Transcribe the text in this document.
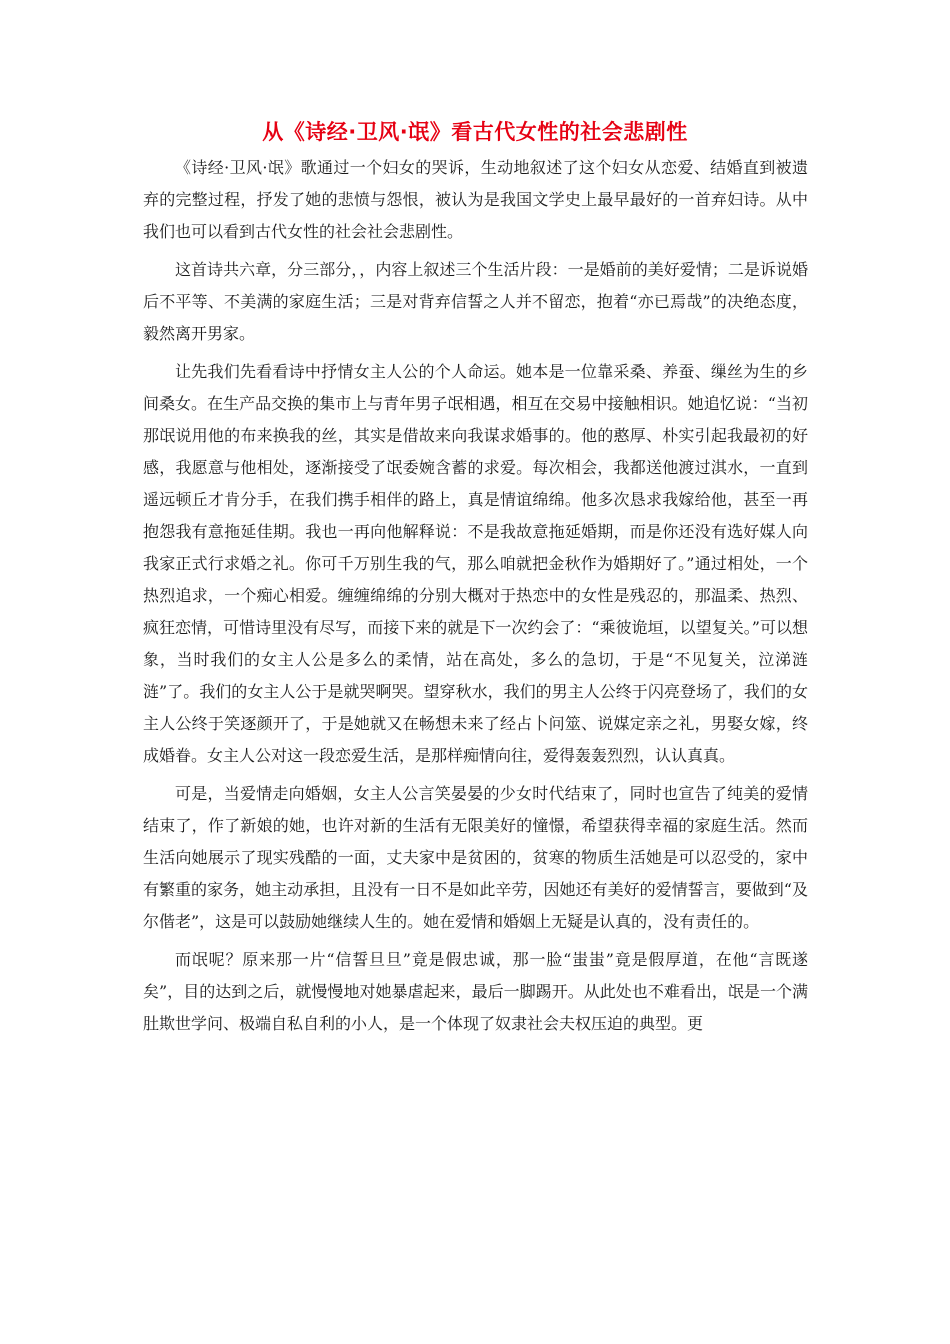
从《诗经·卫风·氓》看古代女性的社会悲剧性

《诗经·卫风·氓》歌通过一个妇女的哭诉，生动地叙述了这个妇女从恋爱、结婚直到被遗弃的完整过程，抒发了她的悲愤与怨恨，被认为是我国文学史上最早最好的一首弃妇诗。从中我们也可以看到古代女性的社会社会悲剧性。

这首诗共六章，分三部分，，内容上叙述三个生活片段：一是婚前的美好爱情；二是诉说婚后不平等、不美满的家庭生活；三是对背弃信誓之人并不留恋，抱着“亦已焉哉”的决绝态度，毅然离开男家。

让先我们先看看诗中抒情女主人公的个人命运。她本是一位靠采桑、养蚕、缫丝为生的乡间桑女。在生产品交换的集市上与青年男子氓相遇，相互在交易中接触相识。她追忆说：“当初那氓说用他的布来换我的丝，其实是借故来向我谋求婚事的。他的憨厚、朴实引起我最初的好感，我愿意与他相处，逐渐接受了氓委婉含蓄的求爱。每次相会，我都送他渡过淇水，一直到遥远顿丘才肯分手，在我们携手相伴的路上，真是情谊绵绵。他多次恳求我嫁给他，甚至一再抱怨我有意拖延佳期。我也一再向他解释说：不是我故意拖延婚期，而是你还没有选好媒人向我家正式行求婚之礼。你可千万别生我的气，那么咱就把金秋作为婚期好了。”通过相处，一个热烈追求，一个痴心相爱。缠缠绵绵的分别大概对于热恋中的女性是残忍的，那温柔、热烈、疯狂恋情，可惜诗里没有尽写，而接下来的就是下一次约会了：“乘彼诡垣，以望复关。”可以想象，当时我们的女主人公是多么的柔情，站在高处，多么的急切，于是“不见复关，泣涕涟涟”了。我们的女主人公于是就哭啊哭。望穿秋水，我们的男主人公终于闪亮登场了，我们的女主人公终于笑逐颜开了，于是她就又在畅想未来了经占卜问筮、说媒定亲之礼，男娶女嫁，终成婚眷。女主人公对这一段恋爱生活，是那样痴情向往，爱得轰轰烈烈，认认真真。

可是，当爱情走向婚姻，女主人公言笑晏晏的少女时代结束了，同时也宣告了纯美的爱情结束了，作了新娘的她，也许对新的生活有无限美好的憧憬，希望获得幸福的家庭生活。然而生活向她展示了现实残酷的一面，丈夫家中是贫困的，贫寒的物质生活她是可以忍受的，家中有繁重的家务，她主动承担，且没有一日不是如此辛劳，因她还有美好的爱情誓言，要做到“及尔偕老”，这是可以鼓励她继续人生的。她在爱情和婚姻上无疑是认真的，没有责任的。

而氓呢？原来那一片“信誓旦旦”竟是假忠诚，那一脸“蚩蚩”竟是假厚道，在他“言既遂矣”，目的达到之后，就慢慢地对她暴虐起来，最后一脚踢开。从此处也不难看出，氓是一个满肚欺世学问、极端自私自利的小人，是一个体现了奴隶社会夫权压迫的典型。更
